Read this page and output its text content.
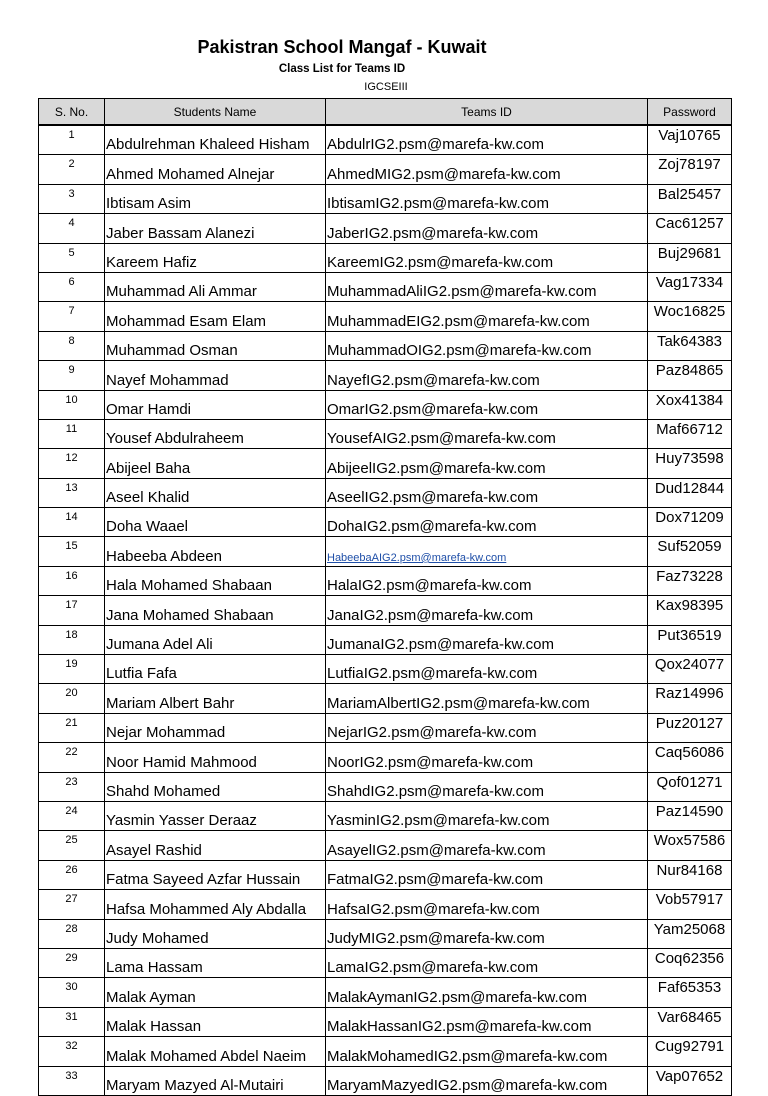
Pakistran School Mangaf - Kuwait
Class List for Teams ID
IGCSEIII
S. No.	Students Name	Teams ID	Password
1	Abdulrehman Khaleed Hisham	AbdulrIG2.psm@marefa-kw.com	Vaj10765
2	Ahmed Mohamed Alnejar	AhmedMIG2.psm@marefa-kw.com	Zoj78197
3	Ibtisam Asim	IbtisamIG2.psm@marefa-kw.com	Bal25457
4	Jaber Bassam Alanezi	JaberIG2.psm@marefa-kw.com	Cac61257
5	Kareem Hafiz	KareemIG2.psm@marefa-kw.com	Buj29681
6	Muhammad Ali Ammar	MuhammadAliIG2.psm@marefa-kw.com	Vag17334
7	Mohammad Esam Elam	MuhammadEIG2.psm@marefa-kw.com	Woc16825
8	Muhammad Osman	MuhammadOIG2.psm@marefa-kw.com	Tak64383
9	Nayef Mohammad	NayefIG2.psm@marefa-kw.com	Paz84865
10	Omar Hamdi	OmarIG2.psm@marefa-kw.com	Xox41384
11	Yousef Abdulraheem	YousefAIG2.psm@marefa-kw.com	Maf66712
12	Abijeel Baha	AbijeelIG2.psm@marefa-kw.com	Huy73598
13	Aseel Khalid	AseelIG2.psm@marefa-kw.com	Dud12844
14	Doha Waael	DohaIG2.psm@marefa-kw.com	Dox71209
15	Habeeba Abdeen	HabeebaAIG2.psm@marefa-kw.com	Suf52059
16	Hala Mohamed Shabaan	HalaIG2.psm@marefa-kw.com	Faz73228
17	Jana Mohamed Shabaan	JanaIG2.psm@marefa-kw.com	Kax98395
18	Jumana Adel Ali	JumanaIG2.psm@marefa-kw.com	Put36519
19	Lutfia Fafa	LutfiaIG2.psm@marefa-kw.com	Qox24077
20	Mariam Albert Bahr	MariamAlbertIG2.psm@marefa-kw.com	Raz14996
21	Nejar Mohammad	NejarIG2.psm@marefa-kw.com	Puz20127
22	Noor Hamid Mahmood	NoorIG2.psm@marefa-kw.com	Caq56086
23	Shahd Mohamed	ShahdIG2.psm@marefa-kw.com	Qof01271
24	Yasmin Yasser Deraaz	YasminIG2.psm@marefa-kw.com	Paz14590
25	Asayel Rashid	AsayelIG2.psm@marefa-kw.com	Wox57586
26	Fatma Sayeed Azfar Hussain	FatmaIG2.psm@marefa-kw.com	Nur84168
27	Hafsa Mohammed Aly Abdalla	HafsaIG2.psm@marefa-kw.com	Vob57917
28	Judy Mohamed	JudyMIG2.psm@marefa-kw.com	Yam25068
29	Lama Hassam	LamaIG2.psm@marefa-kw.com	Coq62356
30	Malak Ayman	MalakAymanIG2.psm@marefa-kw.com	Faf65353
31	Malak Hassan	MalakHassanIG2.psm@marefa-kw.com	Var68465
32	Malak Mohamed Abdel Naeim	MalakMohamedIG2.psm@marefa-kw.com	Cug92791
33	Maryam Mazyed Al-Mutairi	MaryamMazyedIG2.psm@marefa-kw.com	Vap07652
